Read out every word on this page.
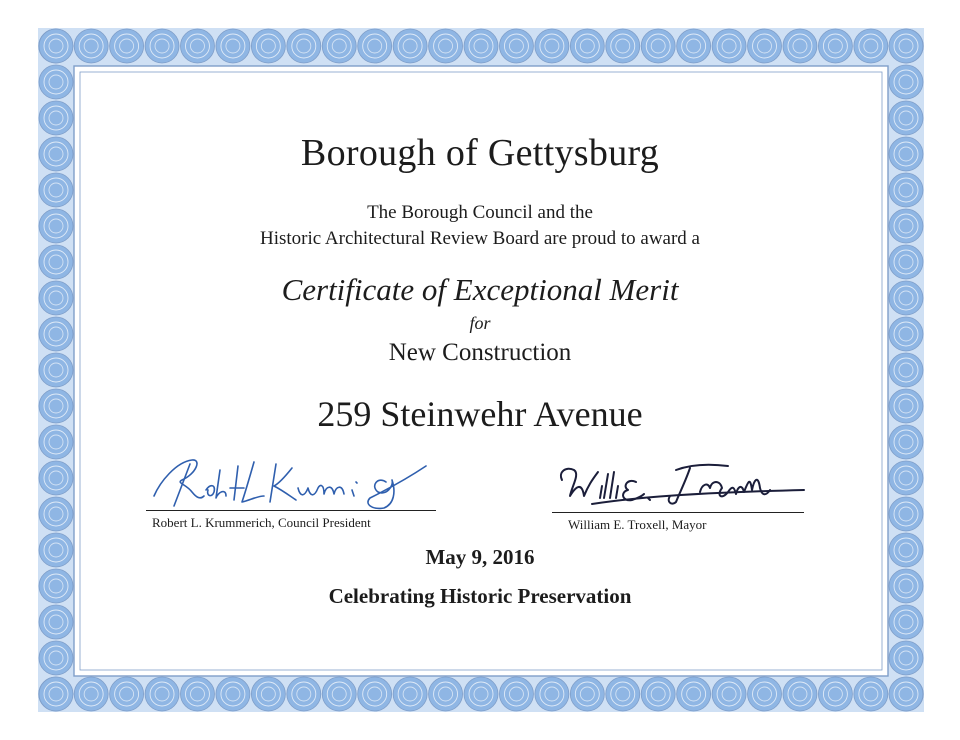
Borough of Gettysburg
The Borough Council and the
Historic Architectural Review Board are proud to award a
Certificate of Exceptional Merit
for
New Construction
259 Steinwehr Avenue
Robert L. Krummerich, Council President	William E. Troxell, Mayor
May 9, 2016
Celebrating Historic Preservation
